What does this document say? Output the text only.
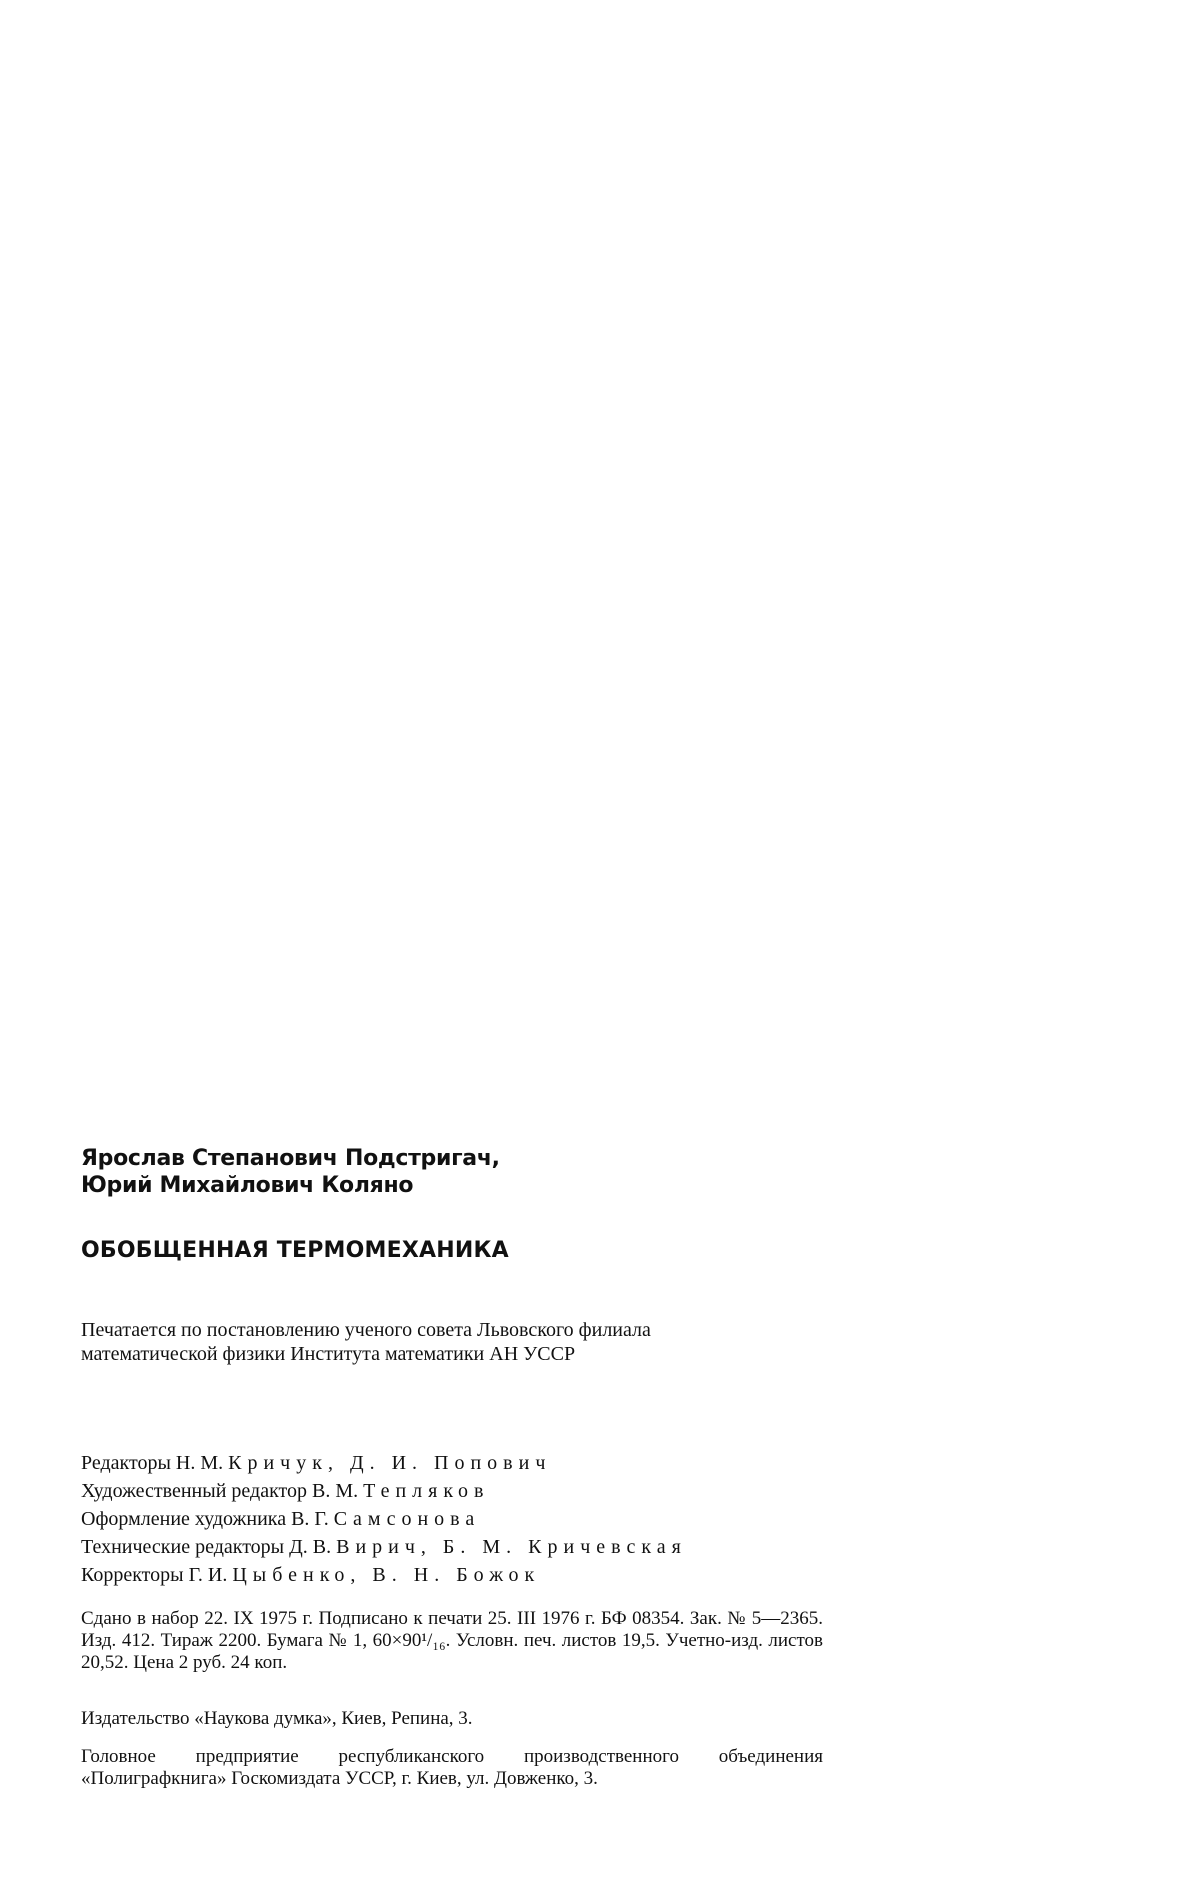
Ярослав Степанович Подстригач,
Юрий Михайлович Коляно
ОБОБЩЕННАЯ ТЕРМОМЕХАНИКА
Печатается по постановлению ученого совета Львовского филиала
математической физики Института математики АН УССР
Редакторы Н. М. Кричук, Д. И. Попович
Художественный редактор В. М. Тепляков
Оформление художника В. Г. Самсонова
Технические редакторы Д. В. Вирич, Б. М. Кричевская
Корректоры Г. И. Цыбенко, В. Н. Божок
Сдано в набор 22. IX 1975 г. Подписано к печати 25. III 1976 г. БФ 08354. Зак. № 5—2365. Изд. 412. Тираж 2200. Бумага № 1, 60×90¹/₁₆. Условн. печ. листов 19,5. Учетно-изд. листов 20,52. Цена 2 руб. 24 коп.
Издательство «Наукова думка», Киев, Репина, 3.
Головное предприятие республиканского производственного объединения «Полиграфкнига» Госкомиздата УССР, г. Киев, ул. Довженко, 3.
